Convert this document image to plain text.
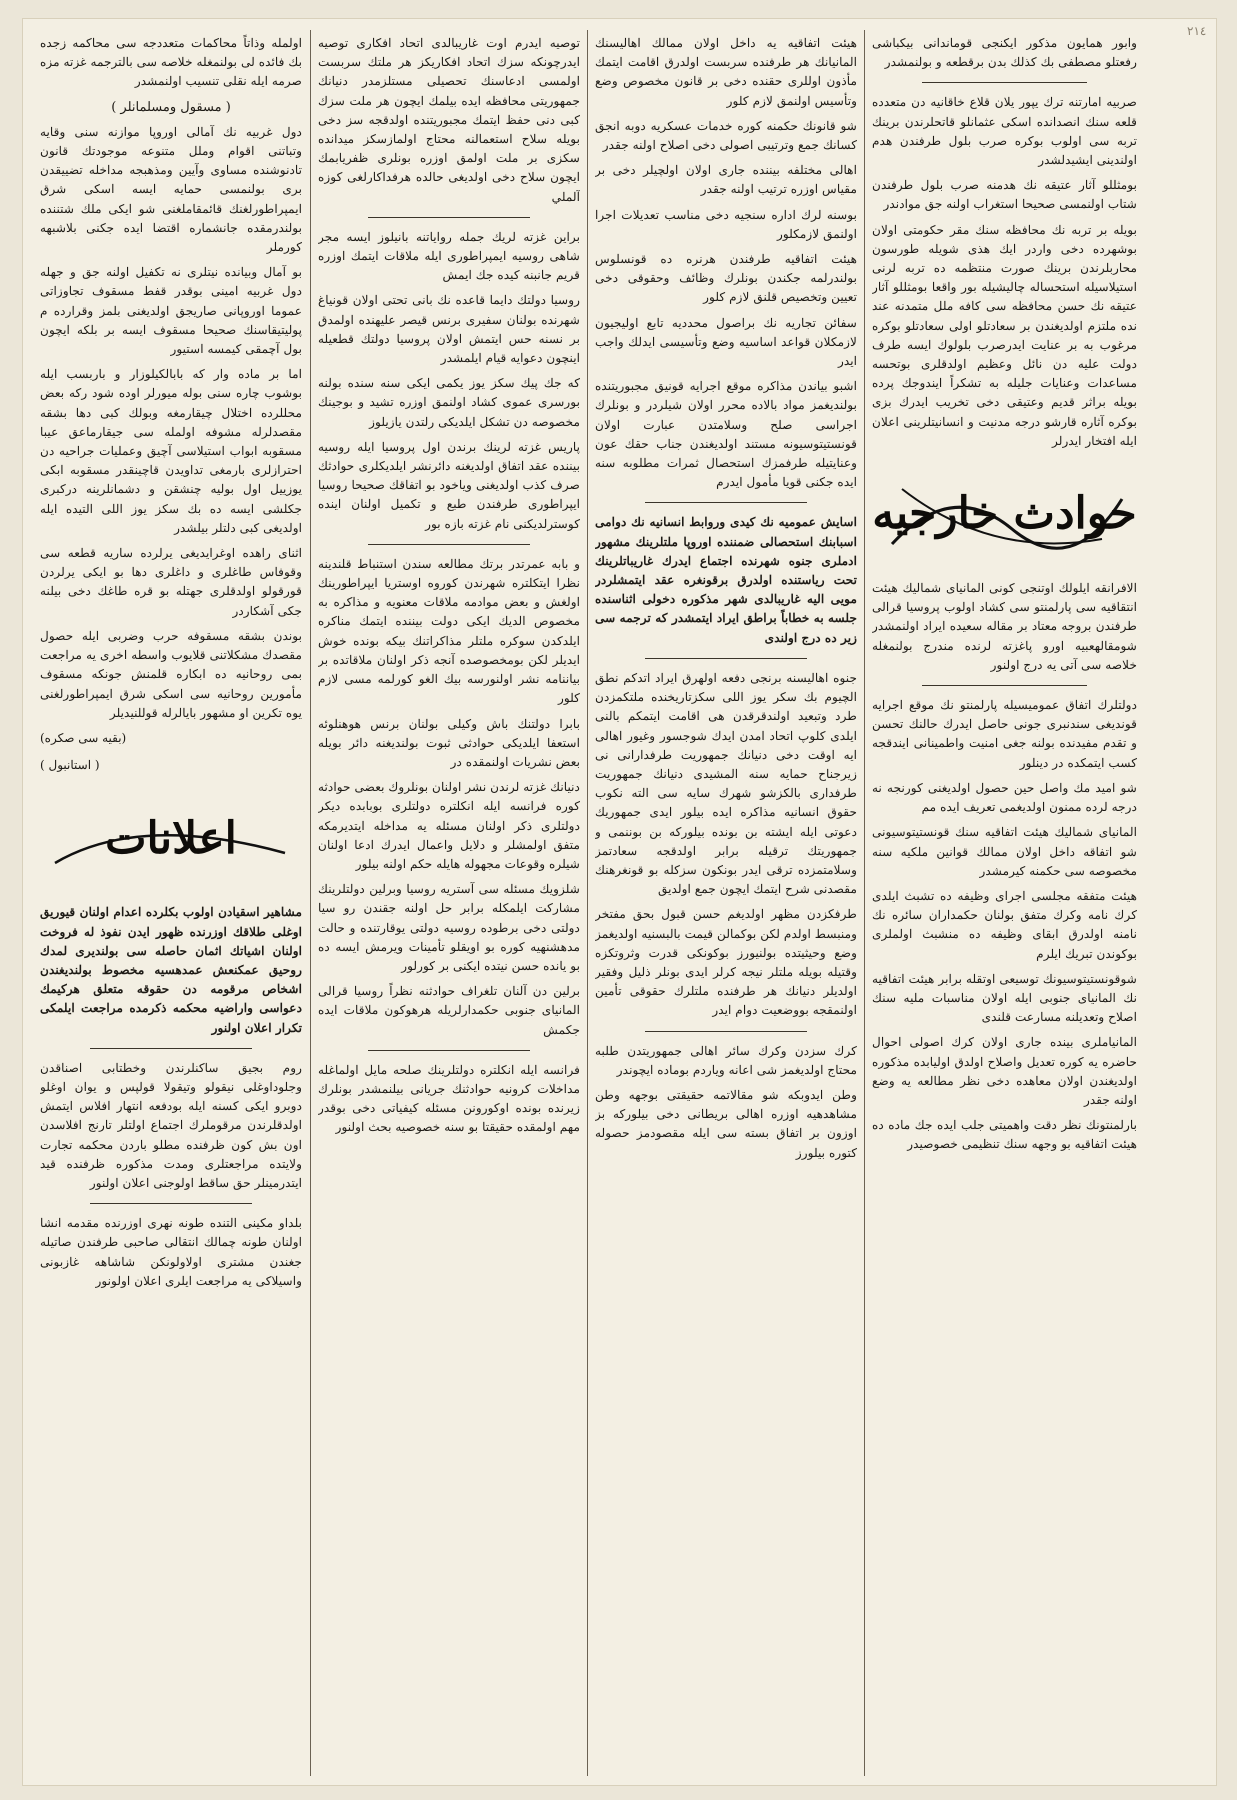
٢١٤

وابور همايون مذكور ايكنجى قوماندانى بيكباشى رفعتلو مصطفى بك كذلك بدن برقطعه و بولنمشدر

صربيه امارتنه ترك يپور يلان قلاع خاقانيه دن متعدده قلعه سنك انصدانده اسكى عثمانلو قاتحلرندن برينك تربه سى اولوب بوكره صرب بلول طرفندن هدم اولندينى ايشيدلشدر

بومثللو آثار عتيقه نك هدمنه صرب بلول طرفندن شتاب اولنمسى صحيحا استغراب اولنه جق موادندر

بويله بر تربه نك محافظه سنك مقر حكومتى اولان بوشهرده دخى واردر ايك هذى شويله طورسون محاربلرندن برينك صورت منتظمه ده تربه لرنى استيلاسيله استحساله چاليشيله بور واقعا بومثللو آثار عتيقه نك حسن محافظه سى كافه ملل متمدنه عند نده ملتزم اولديغندن بر سعادتلو اولى سعادتلو بوكره مرغوب به بر عنايت ايدرصرب بلولوك ايسه طرف دولت عليه دن نائل وعظيم اولدقلرى بوتحسه مساعدات وعنايات جليله به تشكراً ايندوجك پرده بويله براثر قديم وعتيقى دخى تخريب ايدرك بزى بوكره آثاره قارشو درجه مدنيت و انسانيتلرينى اعلان ايله افتخار ايدرلر

حوادث خارجيه

الافرانقه ايلولك اوتنجى كونى المانياى شماليك هيئت انتقاقيه سى پارلمنتو سى كشاد اولوب پروسيا قرالى طرفندن بروجه معتاد بر مقاله سعيده ايراد اولنمشدر شومقالهعبيه اورو پاغزته لرنده مندرج بولنمغله خلاصه سى آتى يه درج اولنور

دولتلرك اتفاق عموميسيله پارلمنتو نك موقع اجرايه قونديغى سندنبرى جونى حاصل ايدرك حالنك تحسن و تقدم مفيدنده بولنه جغى امنيت واطمينانى ايندقجه كسب ايتمكده در دينلور

شو اميد مك واصل حين حصول اولديغنى كورنجه نه درجه لرده ممنون اولديغمى تعريف ايده مم

المانياى شماليك هيئت اتفاقيه سنك قونستيتوسيونى شو اتفاقه داخل اولان ممالك قوانين ملكيه سنه مخصوصه سى حكمنه كيرمشدر

هيئت متفقه مجلسى اجراى وظيفه ده تشبث ايلدى كرك نامه وكرك متفق بولنان حكمداران سائره نك نامنه اولدرق ابقاى وظيفه ده منشبث اولملرى بوكوندن تبريك ايلرم

شوقونستيتوسيونك توسيعى اوتقله برابر هيئت اتفاقيه نك المانياى جنوبى ايله اولان مناسبات مليه سنك اصلاح وتعديلنه مسارعت قلندى

المانياملرى بينده جارى اولان كرك اصولى احوال حاضره يه كوره تعديل واصلاح اولدق اوليابده مذكوره اولديغندن اولان معاهده دخى نظر مطالعه يه وضع اولنه جقدر

بارلمنتونك نظر دقت واهميتى جلب ايده جك ماده ده هيئت اتفاقيه بو وجهه سنك تنظيمى خصوصيدر

هيئت اتفاقيه يه داخل اولان ممالك اهاليسنك المانيانك هر طرفنده سربست اولدرق اقامت ايتمك مأذون اوللرى حقنده دخى بر قانون مخصوص وضع وتأسيس اولنمق لازم كلور

شو قانونك حكمنه كوره خدمات عسكريه دوبه انجق كسانك جمع وترتيبى اصولى دخى اصلاح اولنه جقدر

اهالى مختلفه بيننده جارى اولان اولچيلر دخى بر مقياس اوزره ترتيب اولنه جقدر

بوسنه لرك اداره سنجيه دخى مناسب تعديلات اجرا اولنمق لازمكلور

هيئت اتفاقيه طرفندن هرنره ده قونسلوس بولندرلمه جكندن بونلرك وظائف وحقوقى دخى تعيين وتخصيص قلنق لازم كلور

سفائن تجاريه نك براصول محدديه تابع اوليجيون لازمكلان قواعد اساسيه وضع وتأسيسى ايدلك واجب ايدر

اشبو بياندن مذاكره موقع اجرايه قونيق مجبوريتنده بولنديغمز مواد بالاده محرر اولان شيلردر و بونلرك اجراسى صلح وسلامتدن عبارت اولان قونستيتوسيونه مستند اولديغندن جناب حقك عون وعنايتيله طرفمزك استحصال ثمرات مطلوبه سنه ايده جكنى قويا مأمول ايدرم

اسايش عموميه نك كيدى وروابط انسانيه نك دوامى اسبابنك استحصالى ضمننده اوروپا ملتلرينك مشهور ادملرى جنوه شهرنده اجتماع ايدرك غاريباتلرينك تحت رياستنده اولدرق برقونغره عقد ايتمشلردر مويى اليه غاريبالدى شهر مذكوره دخولى اثناسنده جلسه به خطاباً براطق ايراد ايتمشدر كه ترجمه سى زير ده درج اولندى

جنوه اهاليسنه برنجى دفعه اولهرق ايراد اتدكم نطق الچيوم بك سكر يوز اللى سكزتاريخنده ملتكمزدن طرد وتبعيد اولندقرقدن هى اقامت ايتمكم بالنى ايلدى كلوپ اتحاد امدن ايدك شوجسور وغيور اهالى ايه اوقت دخى دنيانك جمهوريت طرفدارانى نى زيرجناح حمايه سنه المشيدى دنيانك جمهوريت طرفدارى بالكزشو شهرك سايه سى الته نكوب حقوق انسانيه مذاكره ايده بيلور ايدى جمهوريك دعوتى ايله ايشته بن بونده بيلوركه بن بوننمى و جمهوريتك ترقيله برابر اولدقجه سعادتمز وسلامتمزده ترقى ايدر بونكون سزكله بو قونغرهنك مقصدنى شرح ايتمك ايچون جمع اولديق

طرفكزدن مظهر اولديغم حسن قبول بحق مفتخر ومنبسط اولدم لكن بوكمالن قيمت بالبسنيه اولديغمز وضع وحيثيتده بولنيورز بوكونكى قدرت وثروتكزه وقتيله بويله ملتلر نيجه كرلر ايدى بونلر ذليل وفقير اولديلر دنيانك هر طرفنده ملتلرك حقوقى تأمين اولنمقجه بووضعيت دوام ايدر

كرك سزدن وكرك سائر اهالى جمهوريتدن طلبه محتاج اولديغمز شى اعانه وياردم بوماده ايچوندر

وطن ايدوبكه شو مقالاتمه حقيقتى بوجهه وطن مشاهدهيه اوزره اهالى بريطانى دخى بيلوركه بز اوزون بر اتفاق بسته سى ايله مقصودمز حصوله كتوره بيلورز

توصيه ايدرم اوت غاريبالدى اتحاد افكارى توصيه ايدرچونكه سزك اتحاد افكاريكز هر ملتك سربست اولمسى ادعاسنك تحصيلى مستلزمدر دنيانك جمهوريتى محافظه ايده بيلمك ايچون هر ملت سزك كبى دنى حفظ ايتمك مجبوريتنده اولدقجه سز دخى بويله سلاح استعمالنه محتاج اولمازسكز ميدانده سكزى بر ملت اولمق اوزره بونلرى ظفريابمك ايچون سلاح دخى اولديغى حالده هرفداكارلغى كوزه آلملي

براين غزته لريك جمله رواياتنه بانيلوز ايسه مجر شاهى روسيه ايمپراطورى ايله ملاقات ايتمك اوزره قريم جانبنه كيده جك ايمش

روسيا دولتك دايما قاعده نك بانى تحتى اولان قونياغ شهرنده بولنان سفيرى برنس قيصر عليهنده اولمدق بر نسنه حس ايتمش اولان پروسيا دولتك قطعيله اينچون دعوايه قيام ايلمشدر

كه جك پيك سكز يوز يكمى ايكى سنه سنده بولنه بورسرى عموى كشاد اولنمق اوزره تشيد و بوجينك مخصوصه دن تشكل ايلديكى رلتدن يازيلوز

پاريس غزته لرينك برندن اول پروسيا ايله روسيه بيننده عقد اتفاق اولديغنه دائرنشر ايلديكلرى حوادثك صرف كذب اولديغنى وياخود بو اتفاقك صحيحا روسيا ايپراطورى طرفندن طبع و تكميل اولنان اينده كوسترلديكنى نام غزته بازه بور

و بابه عمرتدر برتك مطالعه سندن استنباط قلندينه نظرا ايتكلتره شهرندن كوروه اوستريا ايپراطورينك اولغش و بعض موادمه ملاقات معنويه و مذاكره به مخصوص الديك ايكى دولت بيننده ايتمك مناكره ايلدكدن سوكره ملتلر مذاكراتنك بيكه بونده خوش ايديلر لكن بومخصوصده آنجه ذكر اولنان ملاقاتده بر بياننامه نشر اولنورسه بيك الغو كورلمه مسى لازم كلور

بابرا دولتنك باش وكيلى بولنان برنس هوهنلوئه استعفا ايلديكى حوادثى ثبوت بولنديغنه دائر بويله بعض نشريات اولنمقده در

دنيانك غزته لرندن نشر اولنان بونلروك بعضى حوادثه كوره فرانسه ايله انكلتره دولتلرى بوبابده ديكر دولتلرى ذكر اولنان مسئله يه مداخله ايتديرمكه متفق اولمشلر و دلايل واعمال ايدرك ادعا اولنان شيلره وقوعات مجهوله هايله حكم اولنه بيلور

شلزويك مسئله سى آستريه روسيا وبرلين دولتلرينك مشاركت ايلمكله برابر حل اولنه جقندن رو سيا دولتى دخى برطوده روسيه دولتى يوقارتنده و حالت مدهشنهيه كوره بو اويقلو تأمينات ويرمش ايسه ده بو يانده حسن نيتده ايكنى بر كورلور

برلين دن آلنان تلغراف حوادثنه نظراً روسيا قرالى المانياى جنوبى حكمدارلريله هرهوكون ملاقات ايده جكمش

فرانسه ايله انكلتره دولتلرينك صلحه مايل اولماغله مداخلات كرونيه حوادثنك جريانى بيلنمشدر بونلرك زيرنده بونده اوكورونن مسئله كيفياتى دخى بوقدر مهم اولمقده حقيقتا بو سنه خصوصيه بحث اولنور

اولمله وذاتاً محاكمات متعددجه سى محاكمه زجده بك فائده لى بولنمغله خلاصه سى بالترجمه غزته مزه صرمه ايله نقلى تنسيب اولنمشدر

( مسقول ومسلمانلر )

دول غربيه نك آمالى اوروپا موازنه سنى وقايه وتباتنى اقوام وملل متنوعه موجودتك قانون تادنوشنده مساوى وآيين ومذهبجه مداخله تضييقدن برى بولنمسى حمايه ايسه اسكى شرق ايمپراطورلغنك قائمقاملغنى شو ايكى ملك شتننده بولندرمقده جانشماره اقتضا ايده جكنى بلاشبهه كورملر

بو آمال وبيانده نيتلرى نه تكفيل اولنه جق و جهله دول غربيه امينى بوقدر قفط مسقوف تجاوزاتى عموما اوروپانى صاريجق اولديغنى بلمز وقرارده م پوليتيقاسنك صحيحا مسقوف ايسه بر بلكه ايچون بول آچمقى كيمسه استيور

اما بر ماده وار كه بابالكيلوزار و باربسب ايله بوشوب چاره سنى بوله ميورلر اوده شود ركه بعض محللرده اختلال چيقارمغه وبولك كبى دها بشقه مقصدلرله مشوفه اولمله سى جيقارماعق عيبا مسقوبه ابواب استيلاسى آچيق وعمليات جراحيه دن احترازلرى بارمغى تداويدن قاچينقدر مسقوبه ابكى يوزييل اول بوليه چنشقن و دشمانلرينه دركبرى جكلشى ايسه ده بك سكز يوز اللى التيده ايله اولديغى كبى دلتلر بيلشدر

اثناى راهده اوغرايديغى يرلرده ساريه قطعه سى وقوفاس طاغلرى و داغلرى دها بو ايكى يرلردن قورقولو اولدقلرى جهتله بو قره طاغك دخى بيلنه جكى آشكاردر

بوندن بشقه مسقوفه حرب وضربى ايله حصول مقصدك مشكلاتنى قلايوب واسطه اخرى يه مراجعت بمى روحانيه ده ابكاره قلمنش جونكه مسقوف مأمورين روحانيه سى اسكى شرق ايمپراطورلغنى يوه تكرين او مشهور بايالرله قوللنيديلر

(بقيه سى صكره)
( استانبول )
اعلانات

مشاهير اسقيادن اولوب بكلرده اعدام اولنان قيوريق اوغلى طلاقك اوزرنده ظهور ايدن نفوذ له فروخت اولنان اشياتك اثمان حاصله سى بولنديرى لمدك روحيق عمكنعش عمدهسيه مخصوط بولنديغندن اشخاص مرقومه دن حقوقه متعلق هركيمك دعواسى واراضيه محكمه ذكرمده مراجعت ايلمكى تكرار اعلان اولنور

روم بجيق ساكنلرندن وخطتابى اصناقدن وجلوداوغلى نيقولو وتيقولا قولپس و يوان اوغلو دوبرو ايكى كسنه ايله بودفعه انتهار افلاس ايتمش اولدقلرندن مرقوملرك اجتماع اولتلر تارنج افلاسدن اون بش كون ظرفنده مطلو باردن محكمه تجارت ولايتده مراجعتلرى ومدت مذكوره ظرفنده قيد ايتدرمينلر حق ساقط اولوجنى اعلان اولنور

بلداو مكينى التنده طونه نهرى اوزرنده مقدمه انشا اولنان طونه چمالك انتقالى صاحبى طرفندن صاتيله جغندن مشترى اولاولونكن شاشاهه غازبونى واسيلاكى يه مراجعت ايلرى اعلان اولونور
